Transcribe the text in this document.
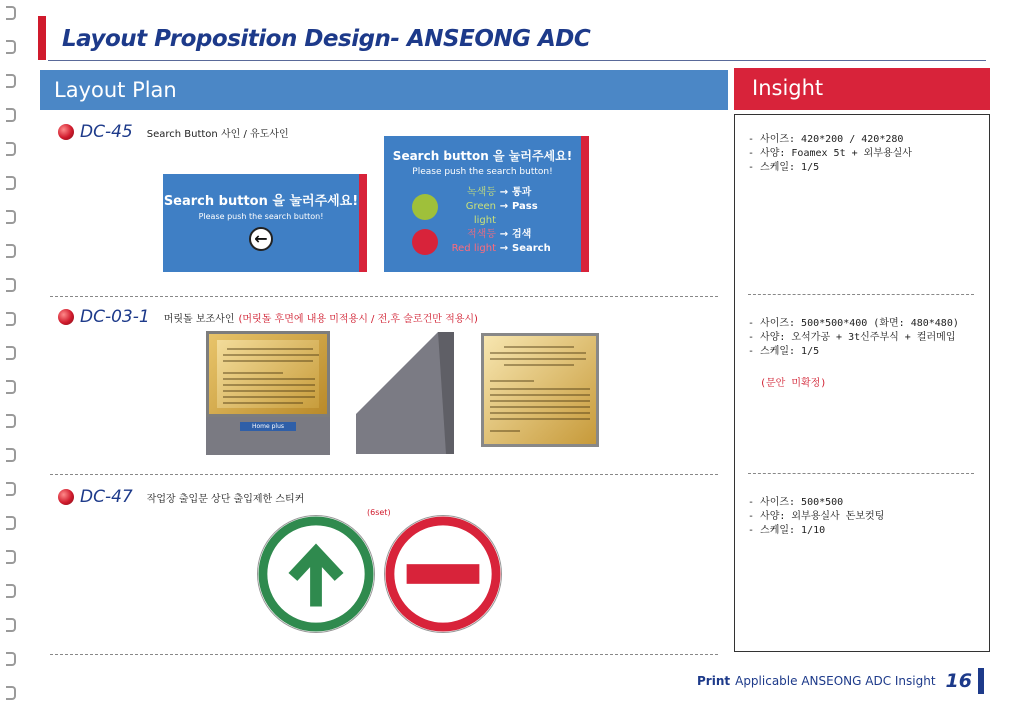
Layout Proposition Design- ANSEONG ADC
Layout Plan	Insight
DC-45 Search Button 사인 / 유도사인
Search button 을 눌러주세요!
Please push the search button!
←
Search button 을 눌러주세요!
Please push the search button!
녹색등 → 통과
Green light
→ Pass
적색등 → 검색
Red light → Search
- 사이즈: 420*200 / 420*280
- 사양: Foamex 5t + 외부용실사
- 스케일: 1/5
DC-03-1 머릿돌 보조사인 (머릿돌 후면에 내용 미적용시 / 전,후 술로건만 적용시)
Home plus
- 사이즈: 500*500*400 (화면: 480*480)
- 사양: 오석가공 + 3t신주부식 + 컬러메입
- 스케일: 1/5
(문안 미확정)
DC-47 작업장 출입문 상단 출입제한 스티커
(6set)
- 사이즈: 500*500
- 사양: 외부용실사 돈보컷팅
- 스케일: 1/10
Print Applicable ANSEONG ADC Insight 16
